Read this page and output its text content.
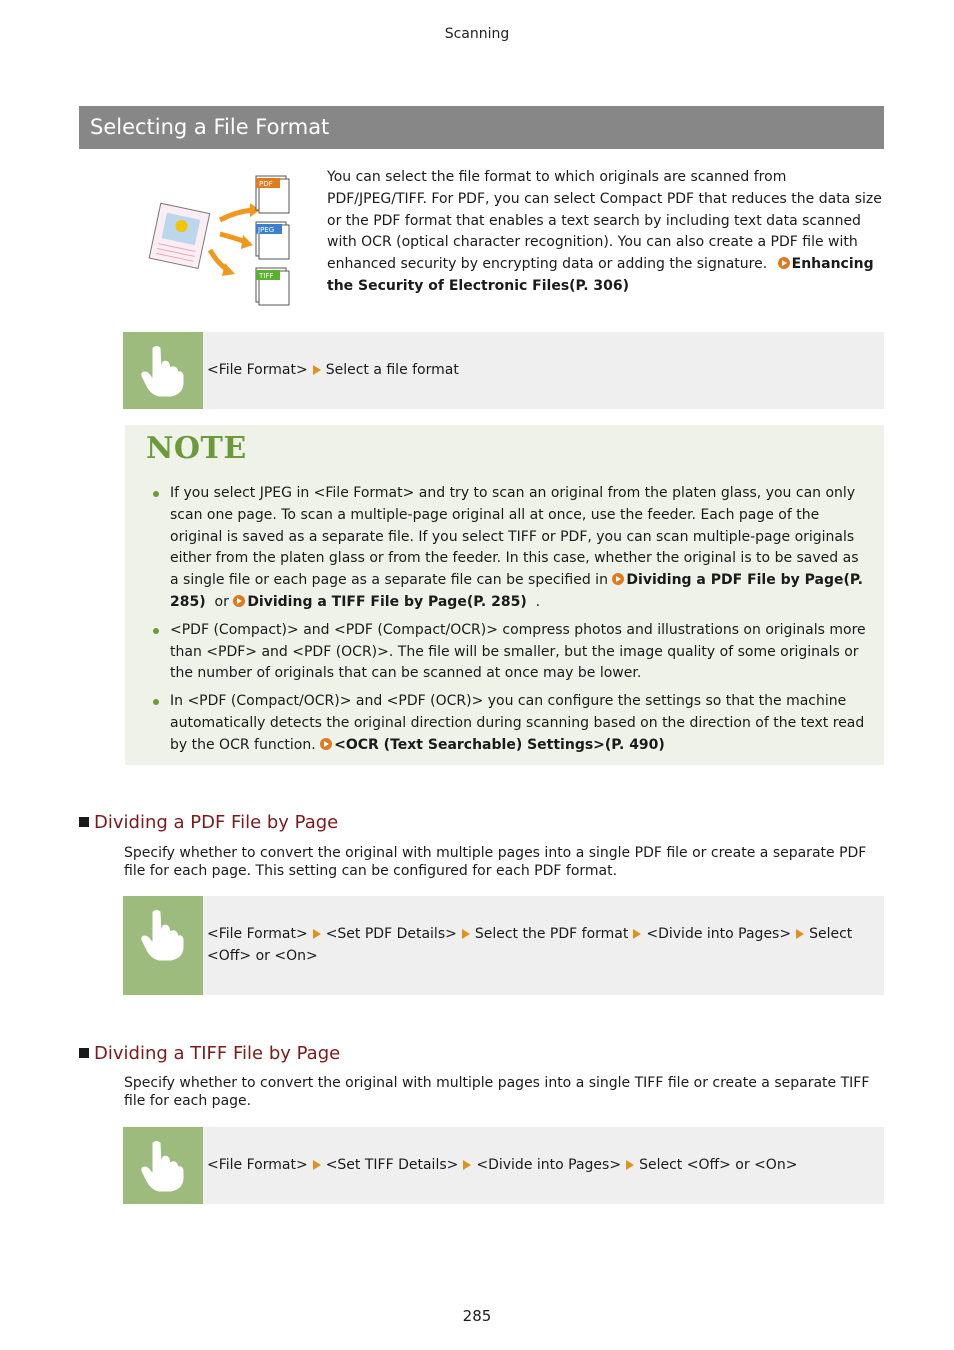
Scanning
Selecting a File Format
PDF
JPEG
TIFF
You can select the file format to which originals are scanned from PDF/JPEG/TIFF. For PDF, you can select Compact PDF that reduces the data size or the PDF format that enables a text search by including text data scanned with OCR (optical character recognition). You can also create a PDF file with enhanced security by encrypting data or adding the signature. Enhancing the Security of Electronic Files(P. 306)
<File Format> Select a file format
NOTE
If you select JPEG in <File Format> and try to scan an original from the platen glass, you can only scan one page. To scan a multiple-page original all at once, use the feeder. Each page of the original is saved as a separate file. If you select TIFF or PDF, you can scan multiple-page originals either from the platen glass or from the feeder. In this case, whether the original is to be saved as a single file or each page as a separate file can be specified in Dividing a PDF File by Page(P. 285) or Dividing a TIFF File by Page(P. 285) .
<PDF (Compact)> and <PDF (Compact/OCR)> compress photos and illustrations on originals more than <PDF> and <PDF (OCR)>. The file will be smaller, but the image quality of some originals or the number of originals that can be scanned at once may be lower.
In <PDF (Compact/OCR)> and <PDF (OCR)> you can configure the settings so that the machine automatically detects the original direction during scanning based on the direction of the text read by the OCR function. <OCR (Text Searchable) Settings>(P. 490)
Dividing a PDF File by Page
Specify whether to convert the original with multiple pages into a single PDF file or create a separate PDF file for each page. This setting can be configured for each PDF format.
<File Format> <Set PDF Details> Select the PDF format <Divide into Pages> Select <Off> or <On>
Dividing a TIFF File by Page
Specify whether to convert the original with multiple pages into a single TIFF file or create a separate TIFF file for each page.
<File Format> <Set TIFF Details> <Divide into Pages> Select <Off> or <On>
285
